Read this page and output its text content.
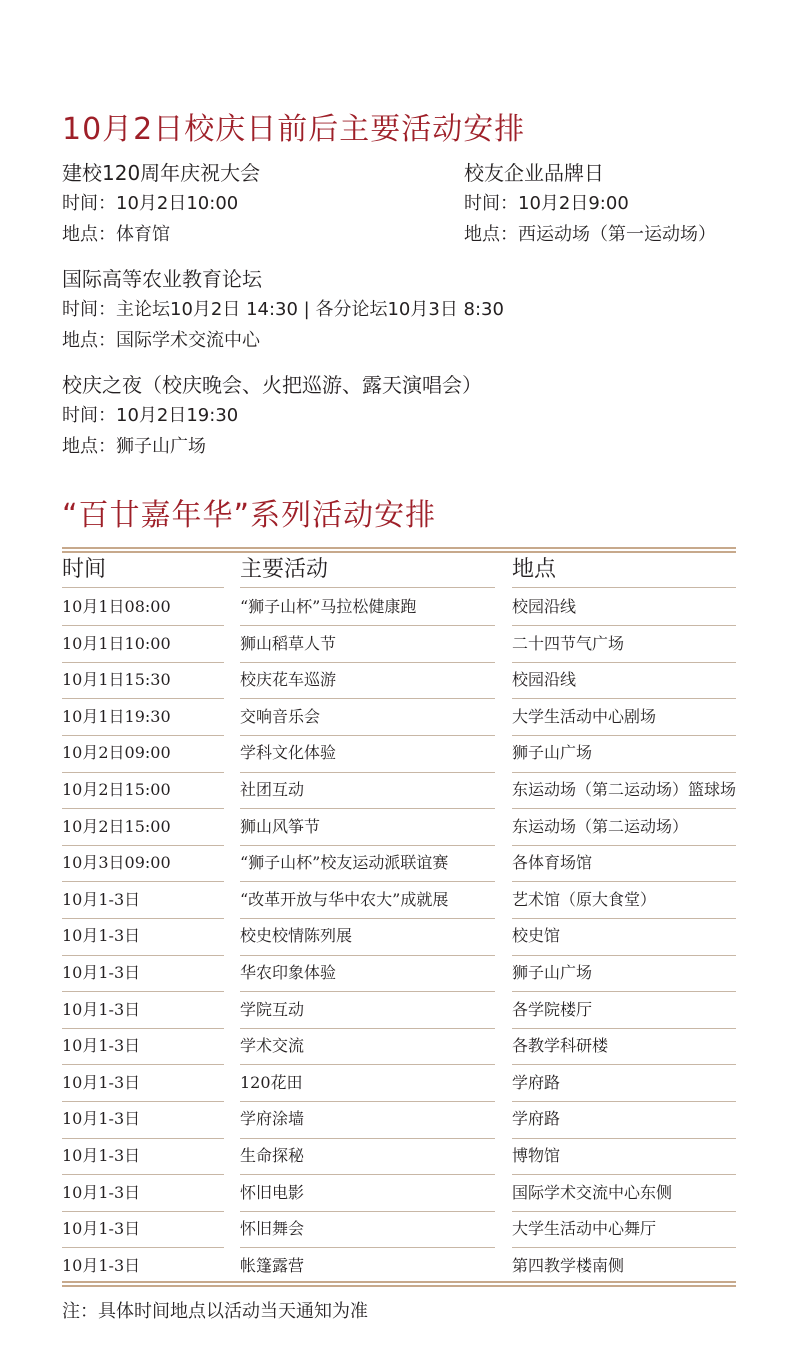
10月2日校庆日前后主要活动安排
建校120周年庆祝大会
时间：10月2日10:00
地点：体育馆
校友企业品牌日
时间：10月2日9:00
地点：西运动场（第一运动场）
国际高等农业教育论坛
时间：主论坛10月2日 14:30 | 各分论坛10月3日 8:30
地点：国际学术交流中心
校庆之夜（校庆晚会、火把巡游、露天演唱会）
时间：10月2日19:30
地点：狮子山广场
“百廿嘉年华”系列活动安排
时间	主要活动	地点
10月1日08:00	“狮子山杯”马拉松健康跑	校园沿线
10月1日10:00	狮山稻草人节	二十四节气广场
10月1日15:30	校庆花车巡游	校园沿线
10月1日19:30	交响音乐会	大学生活动中心剧场
10月2日09:00	学科文化体验	狮子山广场
10月2日15:00	社团互动	东运动场（第二运动场）篮球场
10月2日15:00	狮山风筝节	东运动场（第二运动场）
10月3日09:00	“狮子山杯”校友运动派联谊赛	各体育场馆
10月1-3日	“改革开放与华中农大”成就展	艺术馆（原大食堂）
10月1-3日	校史校情陈列展	校史馆
10月1-3日	华农印象体验	狮子山广场
10月1-3日	学院互动	各学院楼厅
10月1-3日	学术交流	各教学科研楼
10月1-3日	120花田	学府路
10月1-3日	学府涂墙	学府路
10月1-3日	生命探秘	博物馆
10月1-3日	怀旧电影	国际学术交流中心东侧
10月1-3日	怀旧舞会	大学生活动中心舞厅
10月1-3日	帐篷露营	第四教学楼南侧
注：具体时间地点以活动当天通知为准
